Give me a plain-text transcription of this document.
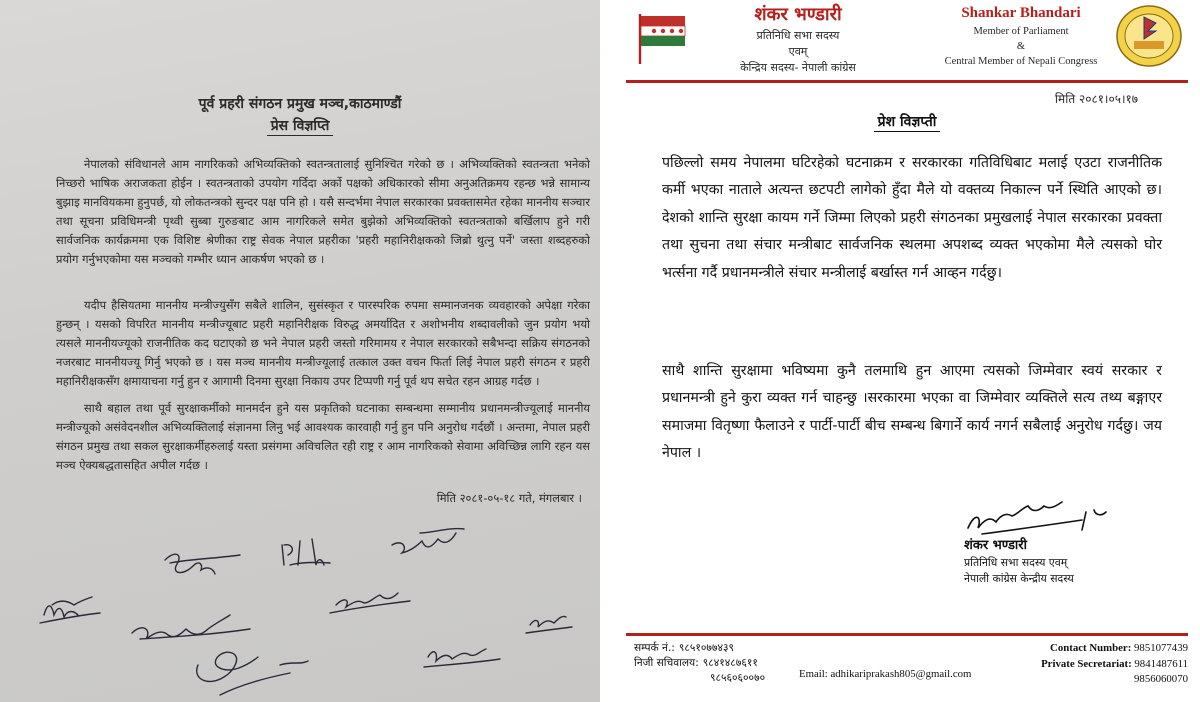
पूर्व प्रहरी संगठन प्रमुख मञ्च,काठमाण्डौं
प्रेस विज्ञप्ति
नेपालको संविधानले आम नागरिकको अभिव्यक्तिको स्वतन्त्रतालाई सुनिश्चित गरेको छ । अभिव्यक्तिको स्वतन्त्रता भनेको निच्छरो भाषिक अराजकता होईन । स्वतन्त्रताको उपयोग गर्दिदा अर्को पक्षको अधिकारको सीमा अनुअतिक्रमय रहन्छ भन्ने सामान्य बुझाइ मानवियकमा हुनुपर्छ, यो लोकतन्त्रको सुन्दर पक्ष पनि हो । यसै सन्दर्भमा नेपाल सरकारका प्रवक्तासमेत रहेका माननीय सञ्चार तथा सूचना प्रविधिमन्त्री पृथ्वी सुब्बा गुरुङबाट आम नागरिकले समेत बुझेको अभिव्यक्तिको स्वतन्त्रताको बर्खिलाप हुने गरी सार्वजनिक कार्यक्रममा एक विशिष्ट श्रेणीका राष्ट्र सेवक नेपाल प्रहरीका 'प्रहरी महानिरीक्षकको जिब्रो थुत्नु पर्ने' जस्ता शब्दहरुको प्रयोग गर्नुभएकोमा यस मञ्चको गम्भीर ध्यान आकर्षण भएको छ ।
यदीप हैसियतमा माननीय मन्त्रीज्युसँग सबैले शालिन, सुसंस्कृत र पारस्परिक रुपमा सम्मानजनक व्यवहारको अपेक्षा गरेका हुन्छन् । यसको विपरित माननीय मन्त्रीज्यूबाट प्रहरी महानिरीक्षक विरुद्ध अमर्यादित र अशोभनीय शब्दावलीको जुन प्रयोग भयो त्यसले माननीयज्यूको राजनीतिक कद घटाएको छ भने नेपाल प्रहरी जस्तो गरिमामय र नेपाल सरकारको सबैभन्दा सक्रिय संगठनको नजरबाट माननीयज्यू गिर्नु भएको छ । यस मञ्च माननीय मन्त्रीज्यूलाई तत्काल उक्त वचन फिर्ता लिई नेपाल प्रहरी संगठन र प्रहरी महानिरीक्षकसँग क्षमायाचना गर्नु हुन र आगामी दिनमा सुरक्षा निकाय उपर टिप्पणी गर्नु पूर्व थप सचेत रहन आग्रह गर्दछ ।
साथै बहाल तथा पूर्व सुरक्षाकर्मीको मानमर्दन हुने यस प्रकृतिको घटनाका सम्बन्धमा सम्मानीय प्रधानमन्त्रीज्यूलाई माननीय मन्त्रीज्यूको असंवेदनशील अभिव्यक्तिलाई संज्ञानमा लिनु भई आवश्यक कारवाही गर्नु हुन पनि अनुरोध गर्दछौं । अन्तमा, नेपाल प्रहरी संगठन प्रमुख तथा सकल सुरक्षाकर्मीहरुलाई यस्ता प्रसंगमा अविचलित रही राष्ट्र र आम नागरिकको सेवामा अविच्छिन्न लागि रहन यस मञ्च ऐक्यबद्धतासहित अपील गर्दछ ।
मिति २०८१-०५-१८ गते, मंगलबार ।
शंकर भण्डारी
प्रतिनिधि सभा सदस्य
एवम्
केन्द्रिय सदस्य- नेपाली कांग्रेस
Shankar Bhandari
Member of Parliament
&
Central Member of Nepali Congress
मिति २०८१।०५।१७
प्रेश विज्ञप्ती
पछिल्लो समय नेपालमा घटिरहेको घटनाक्रम र सरकारका गतिविधिबाट मलाई एउटा राजनीतिक कर्मी भएका नाताले अत्यन्त छटपटी लागेको हुँदा मैले यो वक्तव्य निकाल्न पर्ने स्थिति आएको छ। देशको शान्ति सुरक्षा कायम गर्ने जिम्मा लिएको प्रहरी संगठनका प्रमुखलाई नेपाल सरकारका प्रवक्ता तथा सुचना तथा संचार मन्त्रीबाट सार्वजनिक स्थलमा अपशब्द व्यक्त भएकोमा मैले त्यसको घोर भर्त्सना गर्दै प्रधानमन्त्रीले संचार मन्त्रीलाई बर्खास्त गर्न आव्हन गर्दछु।
साथै शान्ति सुरक्षामा भविष्यमा कुनै तलमाथि हुन आएमा त्यसको जिम्मेवार स्वयं सरकार र प्रधानमन्त्री हुने कुरा व्यक्त गर्न चाहन्छु ।सरकारमा भएका वा जिम्मेवार व्यक्तिले सत्य तथ्य बङ्गाएर समाजमा वितृष्णा फैलाउने र पार्टी-पार्टी बीच सम्बन्ध बिगार्ने कार्य नगर्न सबैलाई अनुरोध गर्दछु। जय नेपाल ।
शंकर भण्डारी
प्रतिनिधि सभा सदस्य एवम्
नेपाली कांग्रेस केन्द्रीय सदस्य
सम्पर्क नं.: ९८५१०७७४३९
निजी सचिवालय: ९८४१४८७६११
९८५६०६००७०	Email: adhikariprakash805@gmail.com
Contact Number: 9851077439
Private Secretariat: 9841487611
9856060070
